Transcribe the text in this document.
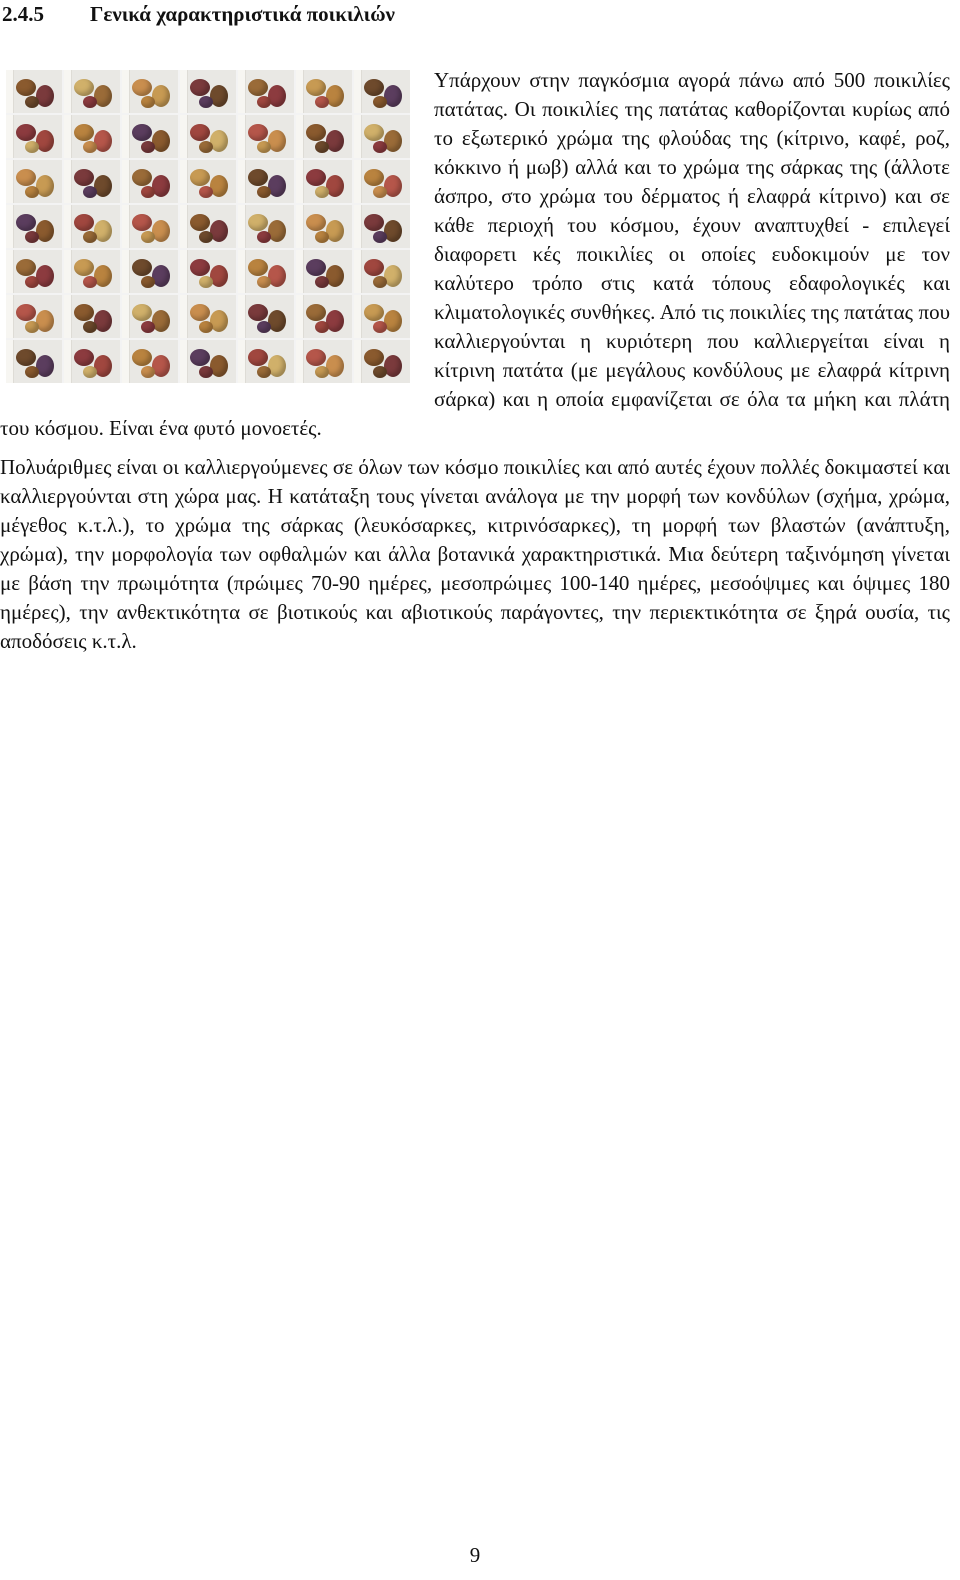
2.4.5 Γενικά χαρακτηριστικά ποικιλιών

Υπάρχουν στην παγκόσμια αγορά πάνω από 500 ποικιλίες πατάτας. Οι ποικιλίες της πατάτας καθορίζονται κυρίως από το εξωτερικό χρώμα της φλούδας της (κίτρινο, καφέ, ροζ, κόκκινο ή μωβ) αλλά και το χρώμα της σάρκας της (άλλοτε άσπρο, στο χρώμα του δέρματος ή ελαφρά κίτρινο) και σε κάθε περιοχή του κόσμου, έχουν αναπτυχθεί - επιλεγεί διαφορετι κές ποικιλίες οι οποίες ευδοκιμούν με τον καλύτερο τρόπο στις κατά τόπους εδαφολογικές και κλιματολογικές συνθήκες. Από τις ποικιλίες της πατάτας που καλλιεργούνται η κυριότερη που καλλιεργείται είναι η κίτρινη πατάτα (με μεγάλους κονδύλους με ελαφρά κίτρινη σάρκα) και η οποία εμφανίζεται σε όλα τα μήκη και πλάτη του κόσμου. Είναι ένα φυτό μονοετές.

Πολυάριθμες είναι οι καλλιεργούμενες σε όλων των κόσμο ποικιλίες και από αυτές έχουν πολλές δοκιμαστεί και καλλιεργούνται στη χώρα μας. Η κατάταξη τους γίνεται ανάλογα με την μορφή των κονδύλων (σχήμα, χρώμα, μέγεθος κ.τ.λ.), το χρώμα της σάρκας (λευκόσαρκες, κιτρινόσαρκες), τη μορφή των βλαστών (ανάπτυξη, χρώμα), την μορφολογία των οφθαλμών και άλλα βοτανικά χαρακτηριστικά. Μια δεύτερη ταξινόμηση γίνεται με βάση την πρωιμότητα (πρώιμες 70-90 ημέρες, μεσοπρώιμες 100-140 ημέρες, μεσοόψιμες και όψιμες 180 ημέρες), την ανθεκτικότητα σε βιοτικούς και αβιοτικούς παράγοντες, την περιεκτικότητα σε ξηρά ουσία, τις αποδόσεις κ.τ.λ.

9
